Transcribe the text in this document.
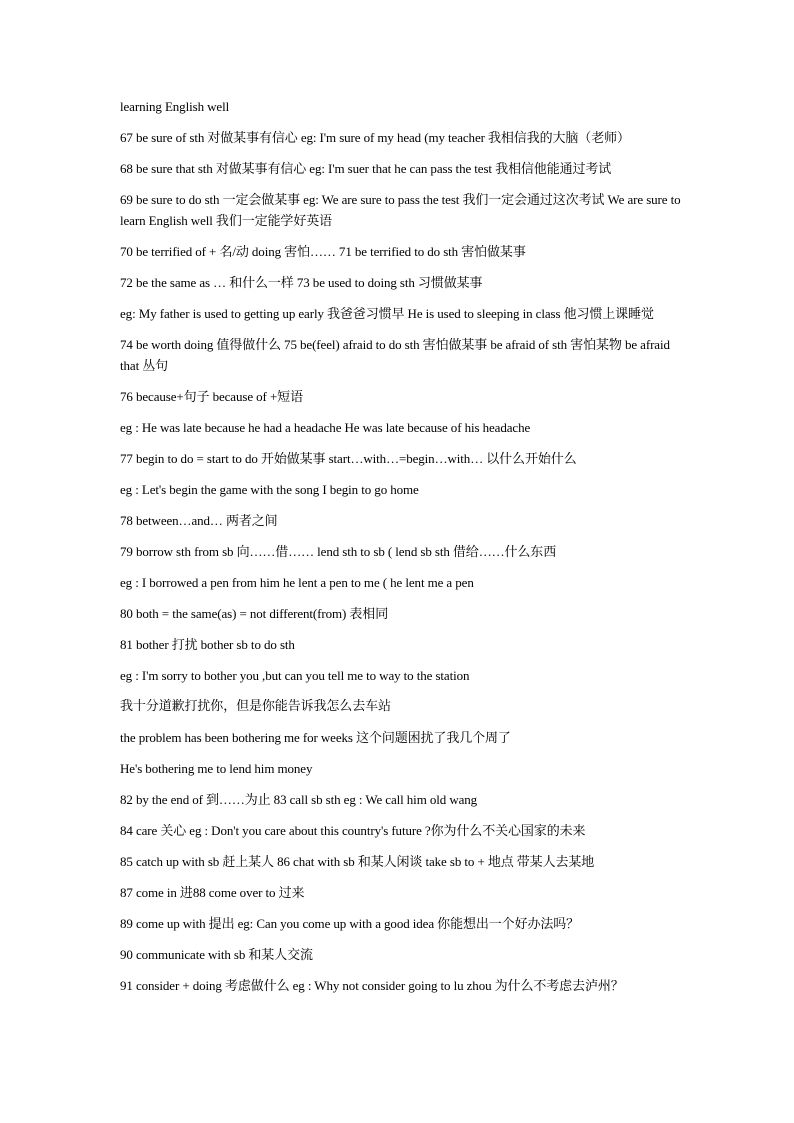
learning English well

67 be sure of sth 对做某事有信心 eg: I'm sure of my head (my teacher 我相信我的大脑（老师）

68 be sure that sth 对做某事有信心 eg: I'm suer that he can pass the test 我相信他能通过考试

69 be sure to do sth 一定会做某事 eg: We are sure to pass the test 我们一定会通过这次考试 We are sure to learn English well 我们一定能学好英语

70 be terrified of + 名/动 doing 害怕…… 71 be terrified to do sth 害怕做某事

72 be the same as … 和什么一样 73 be used to doing sth 习惯做某事

eg: My father is used to getting up early 我爸爸习惯早 He is used to sleeping in class 他习惯上课睡觉

74 be worth doing 值得做什么 75 be(feel) afraid to do sth 害怕做某事 be afraid of sth 害怕某物 be afraid that 丛句

76 because+句子 because of +短语

eg : He was late because he had a headache He was late because of his headache

77 begin to do = start to do 开始做某事 start…with…=begin…with… 以什么开始什么

eg : Let's begin the game with the song I begin to go home

78 between…and… 两者之间

79 borrow sth from sb 向……借…… lend sth to sb ( lend sb sth 借给……什么东西

eg : I borrowed a pen from him he lent a pen to me ( he lent me a pen

80 both = the same(as) = not different(from) 表相同

81 bother 打扰 bother sb to do sth

eg : I'm sorry to bother you ,but can you tell me to way to the station

我十分道歉打扰你，但是你能告诉我怎么去车站

the problem has been bothering me for weeks 这个问题困扰了我几个周了

He's bothering me to lend him money

82 by the end of 到……为止 83 call sb sth eg : We call him old wang

84 care 关心 eg : Don't you care about this country's future ?你为什么不关心国家的未来

85 catch up with sb 赶上某人 86 chat with sb 和某人闲谈 take sb to + 地点 带某人去某地

87 come in 进88 come over to 过来

89 come up with 提出 eg: Can you come up with a good idea 你能想出一个好办法吗？

90 communicate with sb 和某人交流

91 consider + doing 考虑做什么 eg : Why not consider going to lu zhou 为什么不考虑去泸州？
